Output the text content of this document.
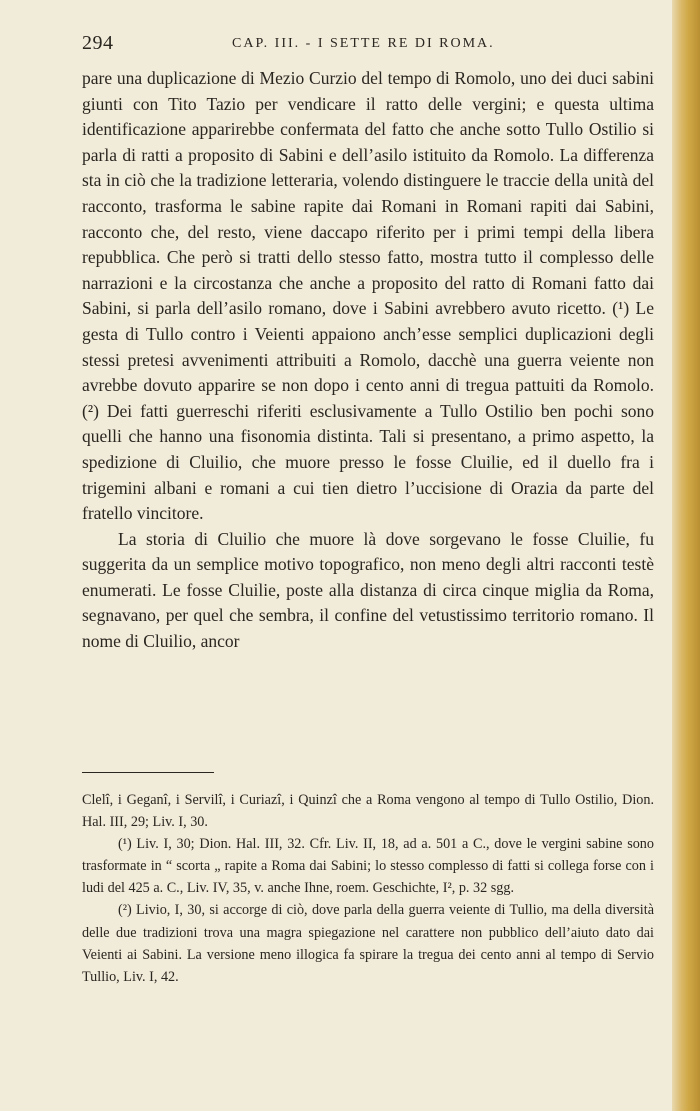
294	CAP. III. - I SETTE RE DI ROMA.

pare una duplicazione di Mezio Curzio del tempo di Romolo, uno dei duci sabini giunti con Tito Tazio per vendicare il ratto delle vergini; e questa ultima identificazione apparirebbe confermata del fatto che anche sotto Tullo Ostilio si parla di ratti a proposito di Sabini e dell’asilo istituito da Romolo. La differenza sta in ciò che la tradizione letteraria, volendo distinguere le traccie della unità del racconto, trasforma le sabine rapite dai Romani in Romani rapiti dai Sabini, racconto che, del resto, viene daccapo riferito per i primi tempi della libera repubblica. Che però si tratti dello stesso fatto, mostra tutto il complesso delle narrazioni e la circostanza che anche a proposito del ratto di Romani fatto dai Sabini, si parla dell’asilo romano, dove i Sabini avrebbero avuto ricetto. (¹) Le gesta di Tullo contro i Veienti appaiono anch’esse semplici duplicazioni degli stessi pretesi avvenimenti attribuiti a Romolo, dacchè una guerra veiente non avrebbe dovuto apparire se non dopo i cento anni di tregua pattuiti da Romolo. (²) Dei fatti guerreschi riferiti esclusivamente a Tullo Ostilio ben pochi sono quelli che hanno una fisonomia distinta. Tali si presentano, a primo aspetto, la spedizione di Cluilio, che muore presso le fosse Cluilie, ed il duello fra i trigemini albani e romani a cui tien dietro l’uccisione di Orazia da parte del fratello vincitore.

La storia di Cluilio che muore là dove sorgevano le fosse Cluilie, fu suggerita da un semplice motivo topografico, non meno degli altri racconti testè enumerati. Le fosse Cluilie, poste alla distanza di circa cinque miglia da Roma, segnavano, per quel che sembra, il confine del vetustissimo territorio romano. Il nome di Cluilio, ancor

Clelî, i Geganî, i Servilî, i Curiazî, i Quinzî che a Roma vengono al tempo di Tullo Ostilio, Dion. Hal. III, 29; Liv. I, 30.

(¹) Liv. I, 30; Dion. Hal. III, 32. Cfr. Liv. II, 18, ad a. 501 a C., dove le vergini sabine sono trasformate in “ scorta „ rapite a Roma dai Sabini; lo stesso complesso di fatti si collega forse con i ludi del 425 a. C., Liv. IV, 35, v. anche Ihne, roem. Geschichte, I², p. 32 sgg.

(²) Livio, I, 30, si accorge di ciò, dove parla della guerra veiente di Tullio, ma della diversità delle due tradizioni trova una magra spiegazione nel carattere non pubblico dell’aiuto dato dai Veienti ai Sabini. La versione meno illogica fa spirare la tregua dei cento anni al tempo di Servio Tullio, Liv. I, 42.
